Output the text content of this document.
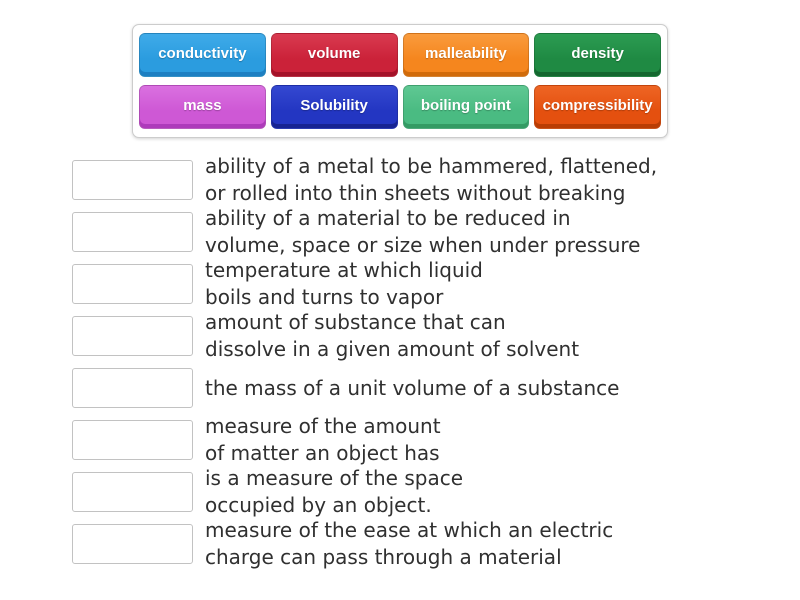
conductivity	volume	malleability	density
mass	Solubility	boiling point	compressibility
ability of a metal to be hammered, flattened,
or rolled into thin sheets without breaking
ability of a material to be reduced in
volume, space or size when under pressure
temperature at which liquid
boils and turns to vapor
amount of substance that can
dissolve in a given amount of solvent
the mass of a unit volume of a substance
measure of the amount
of matter an object has
is a measure of the space
occupied by an object.
measure of the ease at which an electric
charge can pass through a material
